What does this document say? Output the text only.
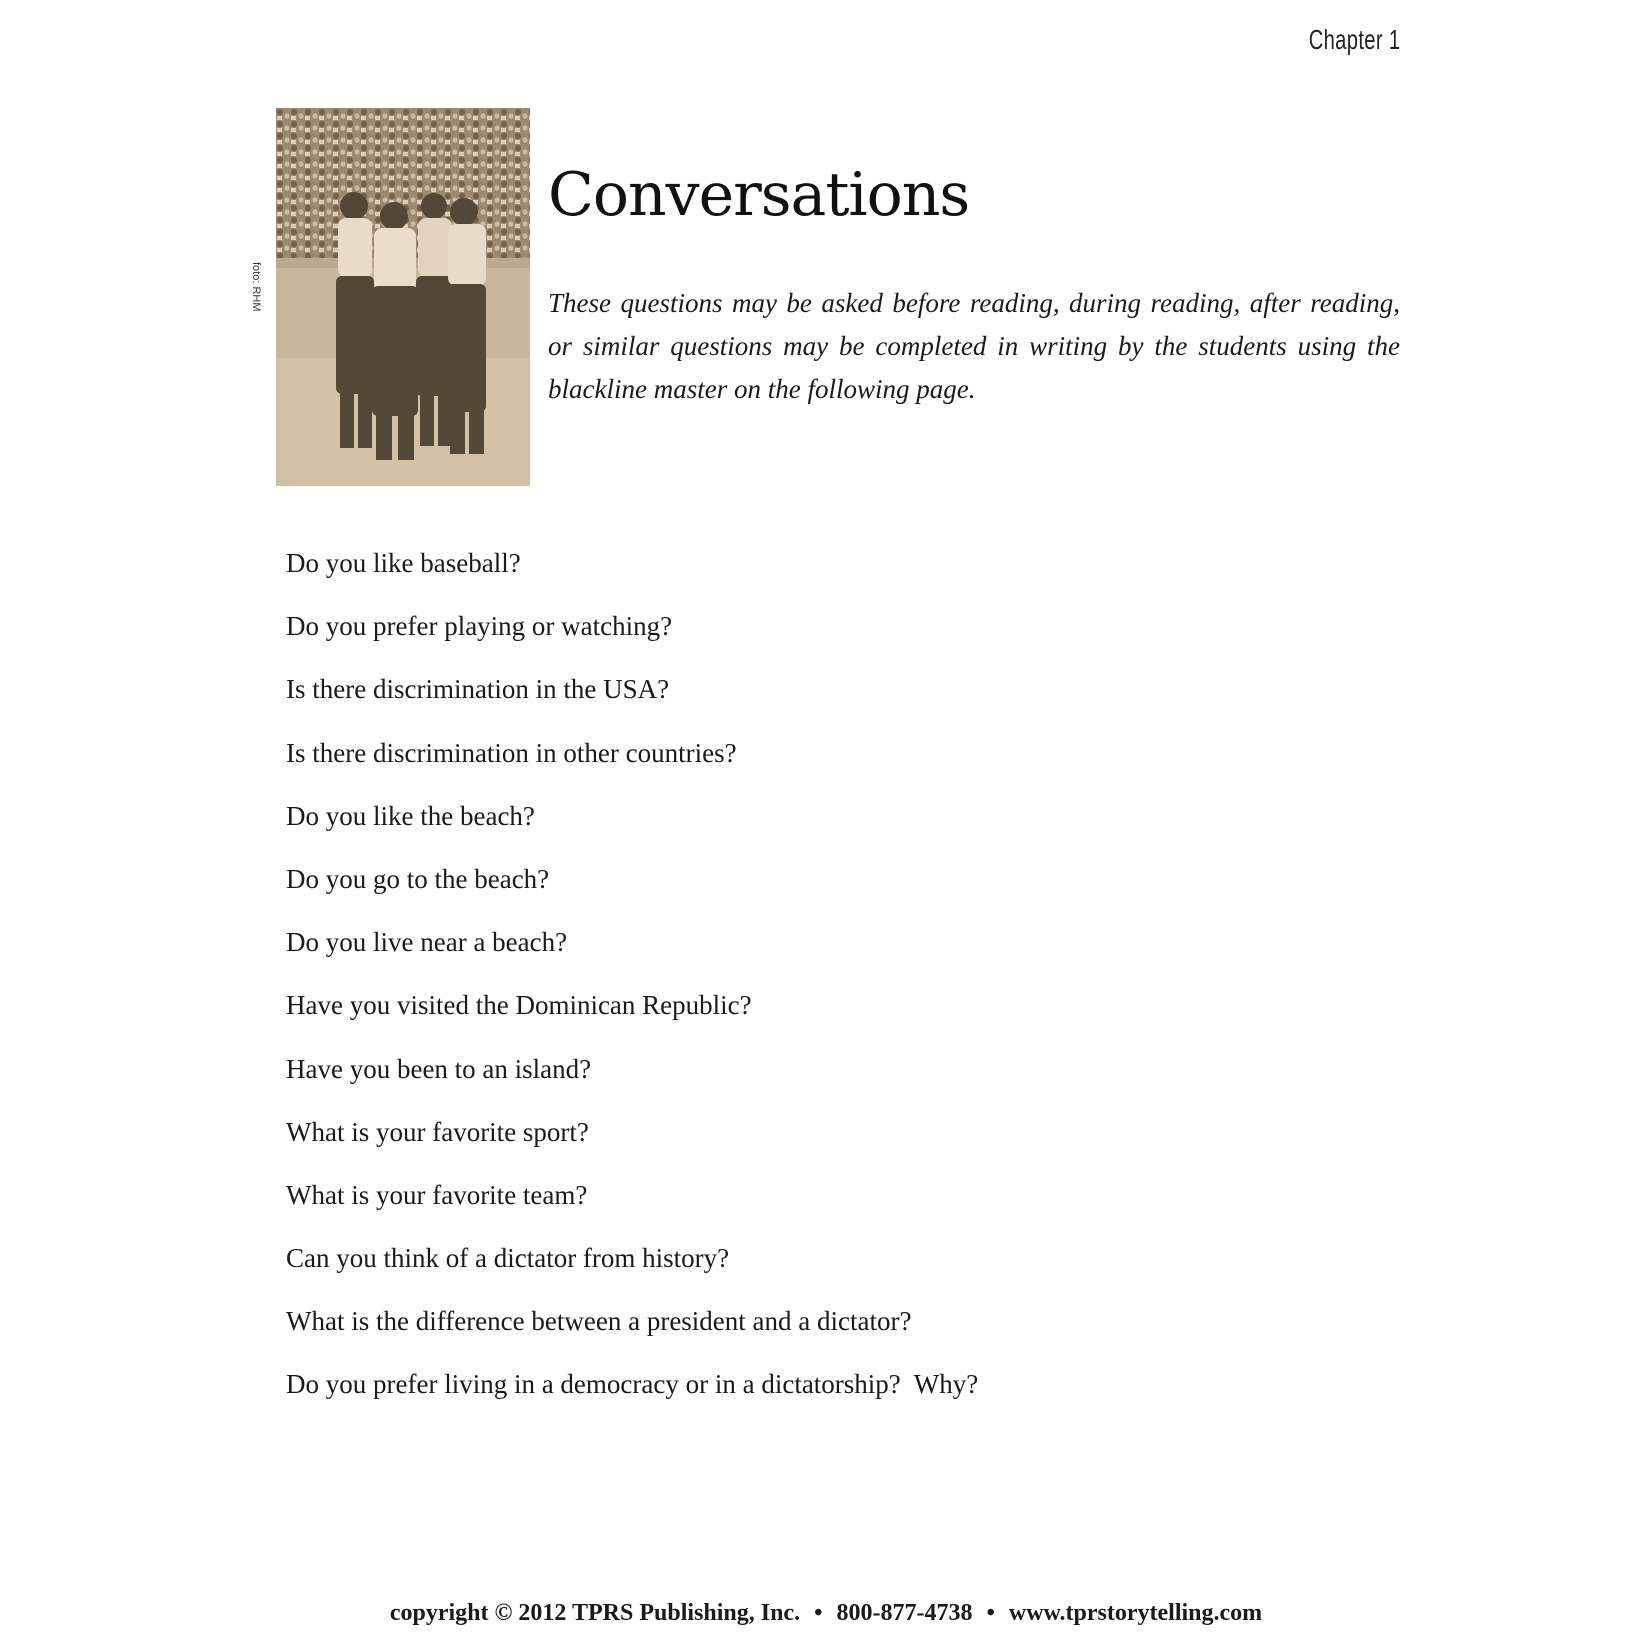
Chapter 1
foto: RHM
Conversations

These questions may be asked before reading, during reading, after reading, or similar questions may be completed in writing by the students using the blackline master on the following page.

Do you like baseball?
Do you prefer playing or watching?
Is there discrimination in the USA?
Is there discrimination in other countries?
Do you like the beach?
Do you go to the beach?
Do you live near a beach?
Have you visited the Dominican Republic?
Have you been to an island?
What is your favorite sport?
What is your favorite team?
Can you think of a dictator from history?
What is the difference between a president and a dictator?
Do you prefer living in a democracy or in a dictatorship?  Why?
copyright © 2012 TPRS Publishing, Inc. • 800-877-4738 • www.tprstorytelling.com
